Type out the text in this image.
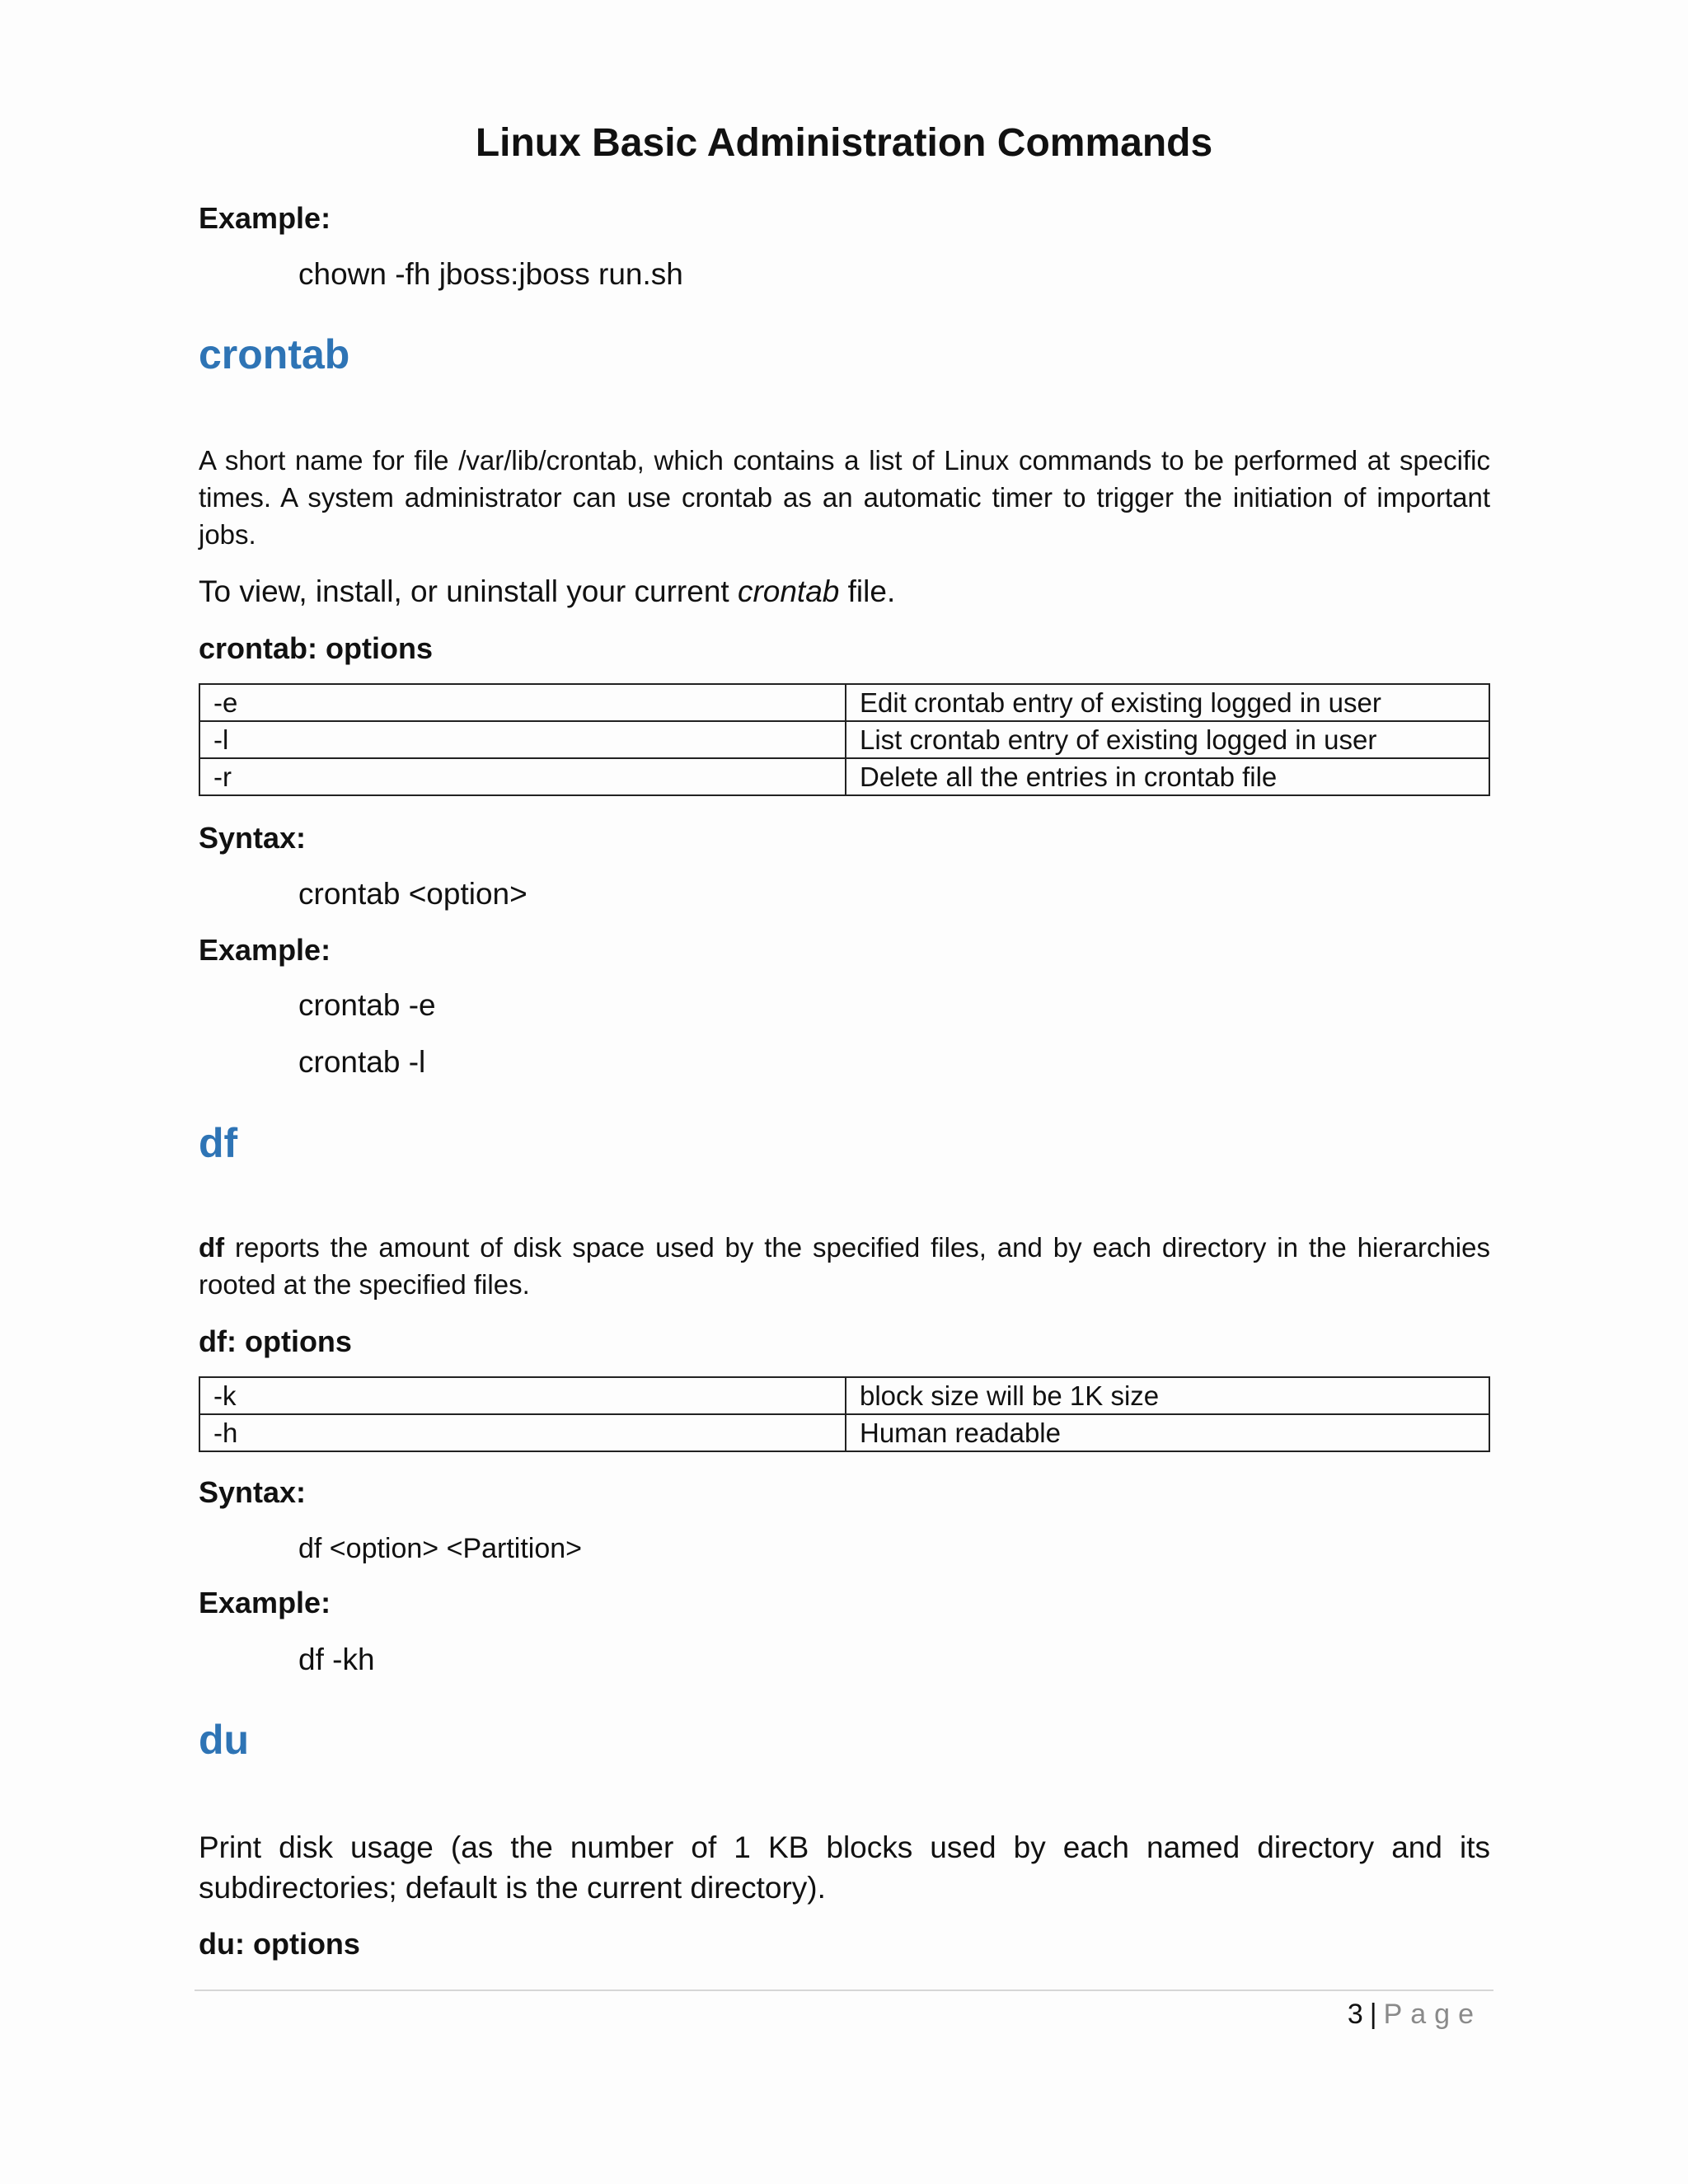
Linux Basic Administration Commands
Example:
chown -fh jboss:jboss run.sh
crontab

A short name for file /var/lib/crontab, which contains a list of Linux commands to be performed at specific times. A system administrator can use crontab as an automatic timer to trigger the initiation of important jobs.

To view, install, or uninstall your current crontab file.

crontab: options
-e	Edit crontab entry of existing logged in user
-l	List crontab entry of existing logged in user
-r	Delete all the entries in crontab file
Syntax:
crontab <option>
Example:
crontab -e
crontab -l
df

df reports the amount of disk space used by the specified files, and by each directory in the hierarchies rooted at the specified files.

df: options
-k	block size will be 1K size
-h	Human readable
Syntax:
df <option> <Partition>
Example:
df -kh
du

Print disk usage (as the number of 1 KB blocks used by each named directory and its subdirectories; default is the current directory).

du: options
3 | Page
